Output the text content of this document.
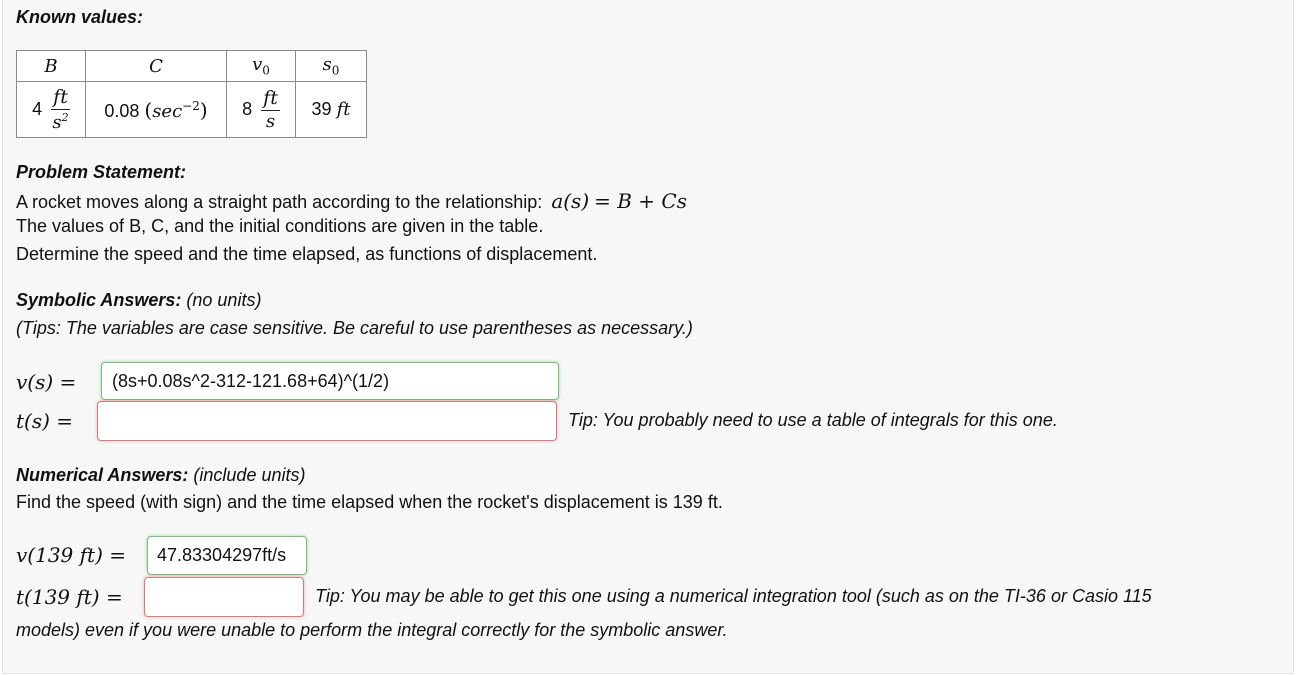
Known values:
B	C	$v_0$	$s_0$
$4 \frac{ft}{s^2}$	0.08 $(\sec^{-2})$	$8 \frac{ft}{s}$	39 ft
Problem Statement:
A rocket moves along a straight path according to the relationship: a(s) = B + Cs
The values of B, C, and the initial conditions are given in the table.
Determine the speed and the time elapsed, as functions of displacement.
Symbolic Answers: (no units)
(Tips: The variables are case sensitive. Be careful to use parentheses as necessary.)
v(s) = (8s+0.08s^2-312-121.68+64)^(1/2)
t(s) =	Tip: You probably need to use a table of integrals for this one.
Numerical Answers: (include units)
Find the speed (with sign) and the time elapsed when the rocket's displacement is 139 ft.
v(139 ft) = 47.83304297ft/s
t(139 ft) =	Tip: You may be able to get this one using a numerical integration tool (such as on the TI-36 or Casio 115
models) even if you were unable to perform the integral correctly for the symbolic answer.
